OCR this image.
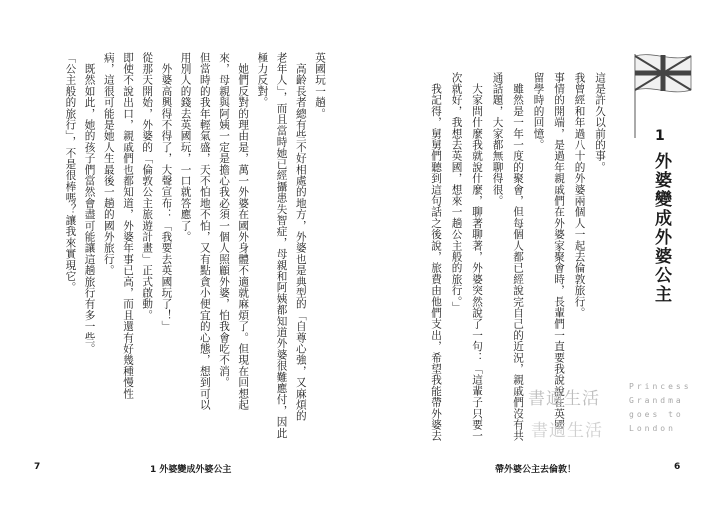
英國玩一趟。
　高齡長者總有些不好相處的地方，外婆也是典型的「自尊心強，又麻煩的
老年人」，而且當時她已經攝患失智症，母親和阿姨都知道外婆很難應付，因此
極力反對。
　她們反對的理由是，萬一外婆在國外身體不適就麻煩了。但現在回想起
來，母親與阿姨一定是擔心我必須一個人照顧外婆，怕我會吃不消。
但當時的我年輕氣盛，天不怕地不怕，又有點貪小便宜的心態，想到可以
用別人的錢去英國玩，一口就答應了。
　外婆高興得不得了，大聲宣布：「我要去英國玩了！」
從那天開始，外婆的「倫敦公主旅遊計畫」正式啟動。
即使不說出口，親戚們也都知道，外婆年事已高，而且還有好幾種慢性
病，這很可能是她人生最後一趟的國外旅行。
　既然如此，她的孩子們當然會盡可能讓這趟旅行有多一些。
「公主般的旅行」，不是很棒嗎？讓我來實現它。
7	1 外婆變成外婆公主
1
外婆變成外婆公主
這是許久以前的事。
我曾經和年過八十的外婆兩個人一起去倫敦旅行。
事情的開端，是過年親戚們在外婆家聚會時，長輩們一直要我說說在英國
留學時的回憶。
　雖然是一年一度的聚會，但每個人都已經說完自己的近況，親戚們沒有共
通話題，大家都無聊得很。
　大家問什麼我就說什麼，聊著聊著，外婆突然說了一句：「這輩子只要一
次就好，我想去英國，想來一趟公主般的旅行。」
　我記得，舅舅們聽到這句話之後說，旅費由他們支出，希望我能帶外婆去	書適生活
書適生活
Princess
Grandma
goes to
London
帶外婆公主去倫敦！	6
